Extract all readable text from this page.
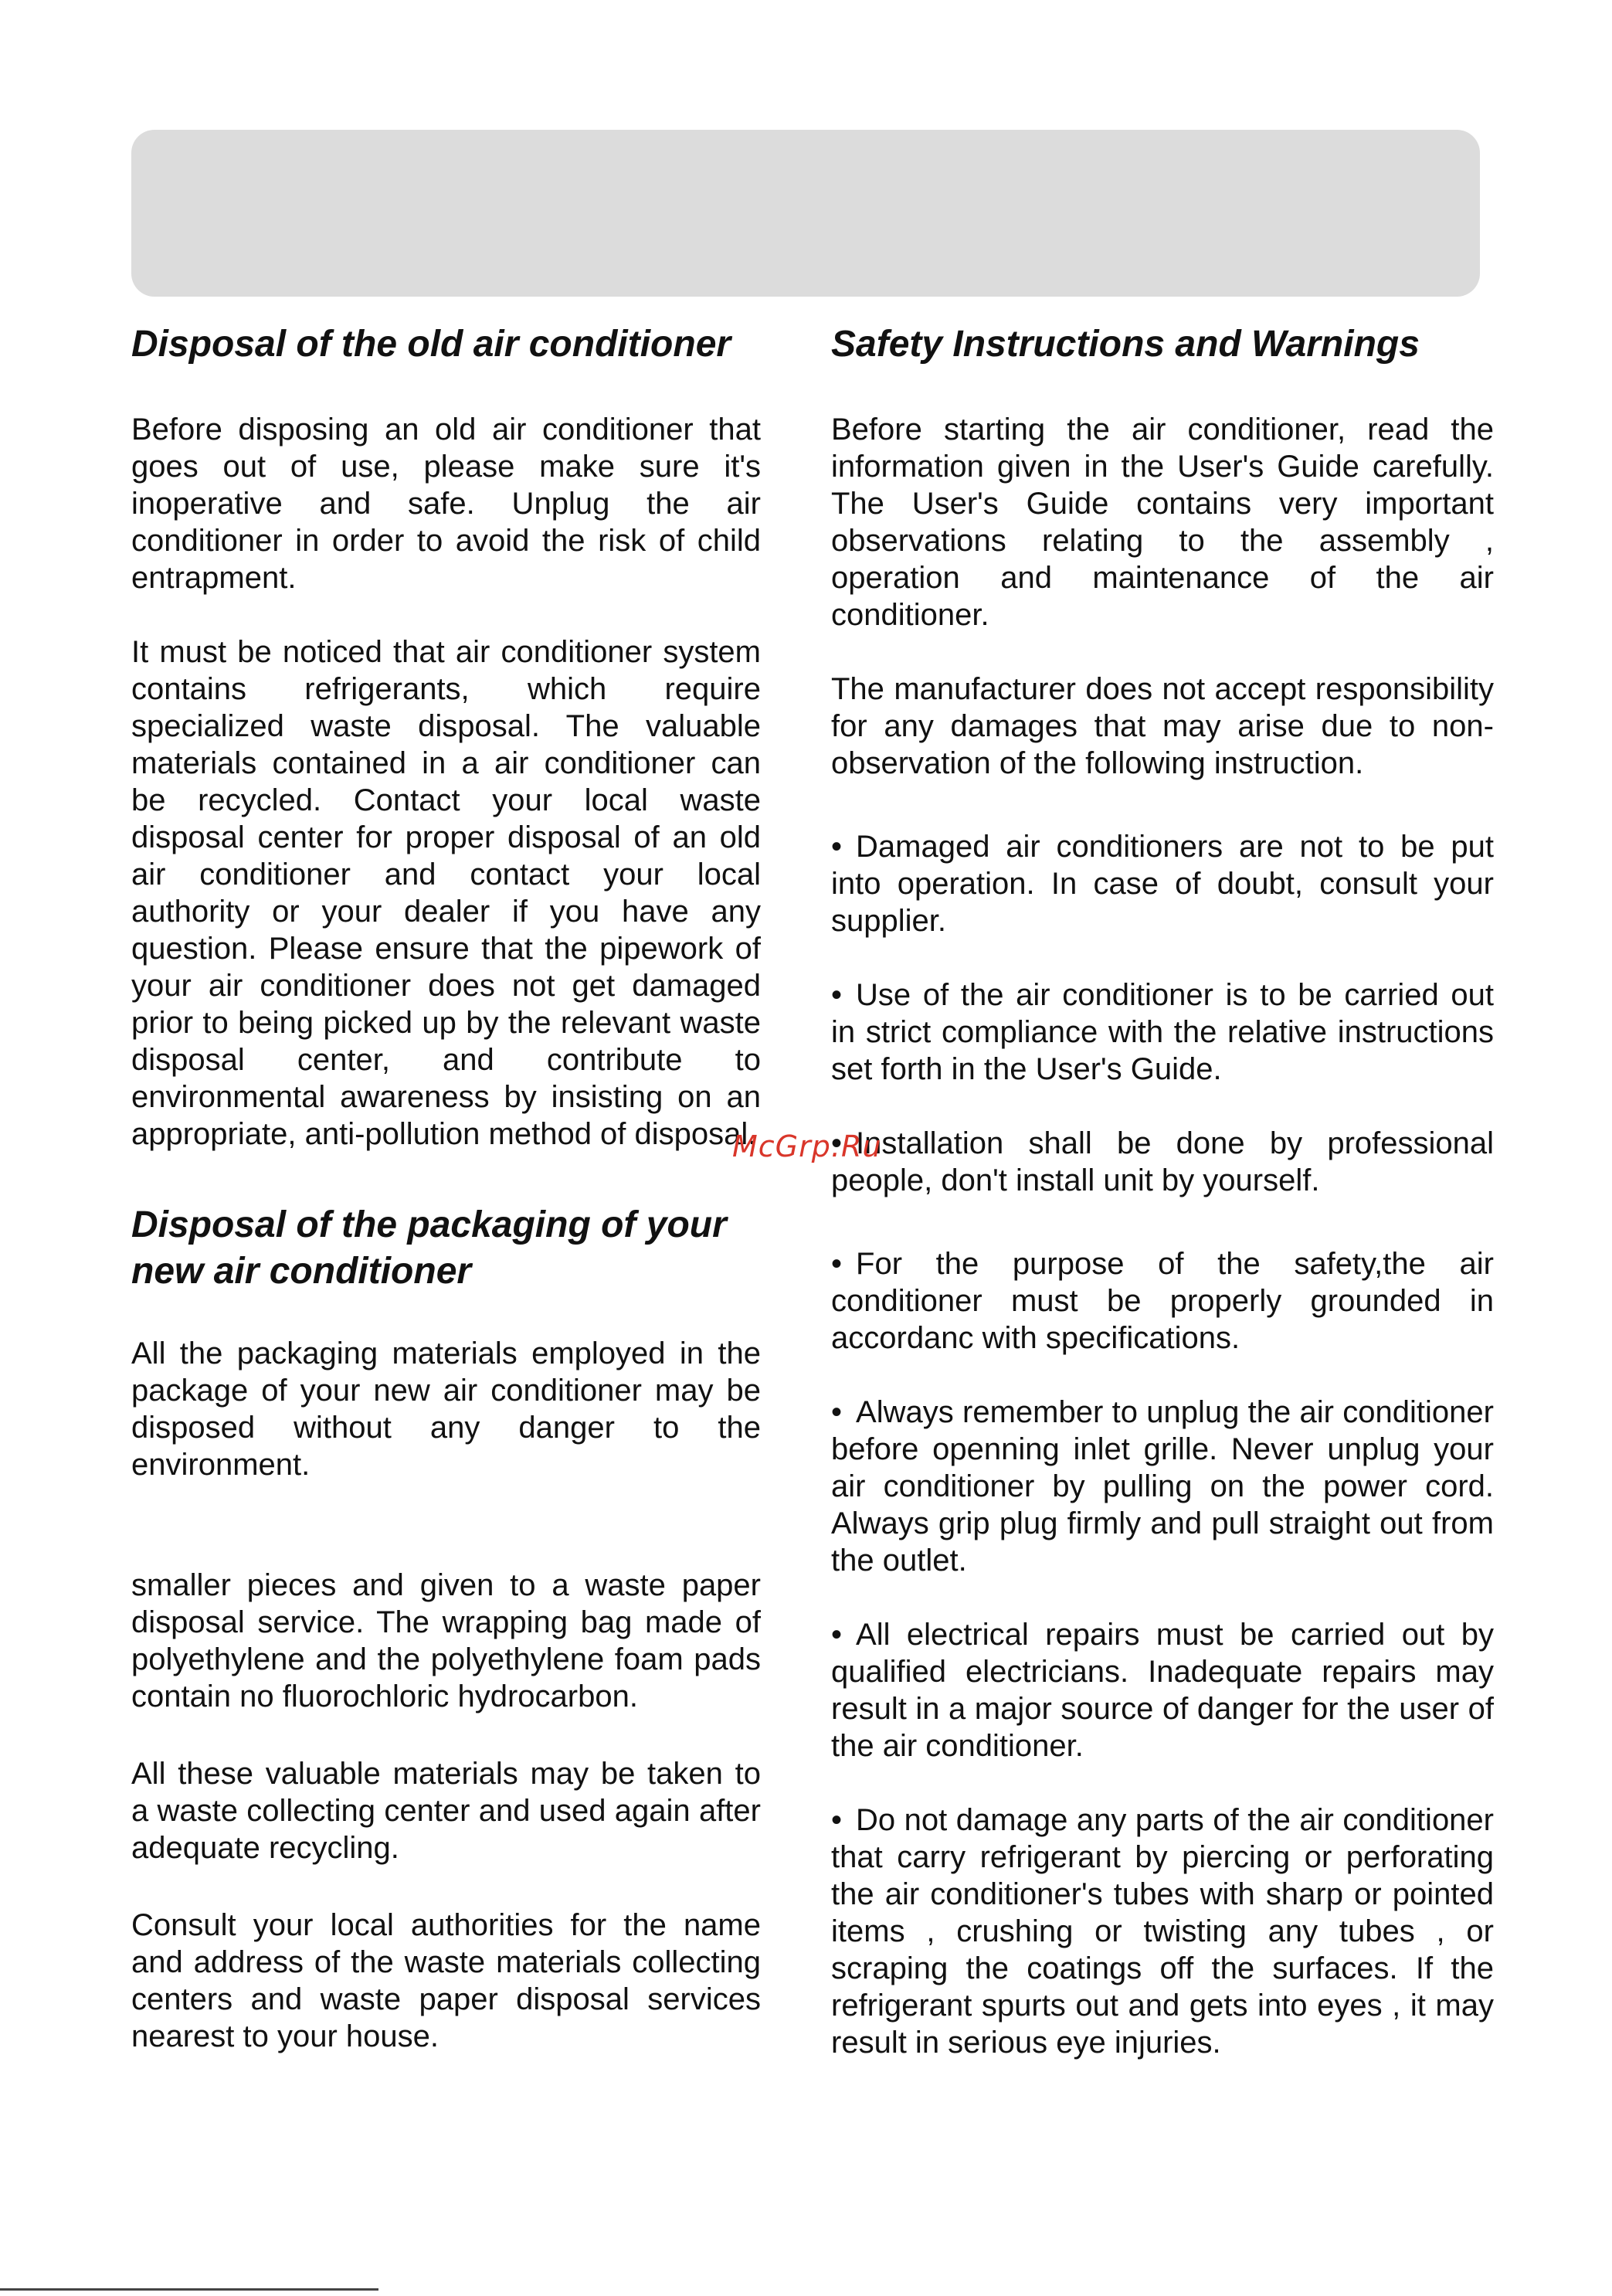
Disposal of the old air conditioner

Before disposing an old air conditioner that goes out of use, please make sure it's inoperative and safe. Unplug the air conditioner in order to avoid the risk of child entrapment.

It must be noticed that air conditioner system contains refrigerants, which require specialized waste disposal. The valuable materials contained in a air conditioner can be recycled. Contact your local waste disposal center for proper disposal of an old air conditioner and contact your local authority or your dealer if you have any question. Please ensure that the pipework of your air conditioner does not get damaged prior to being picked up by the relevant waste disposal center, and contribute to environmental awareness by insisting on an appropriate, anti-pollution method of disposal.

Disposal of the packaging of your new air conditioner

All the packaging materials employed in the package of your new air conditioner may be disposed without any danger to the environment.

smaller pieces and given to a waste paper disposal service. The wrapping bag made of polyethylene and the polyethylene foam pads contain no fluorochloric hydrocarbon.

All these valuable materials may be taken to a waste collecting center and used again after adequate recycling.

Consult your local authorities for the name and address of the waste materials collecting centers and waste paper disposal services nearest to your house.

Safety Instructions and Warnings

Before starting the air conditioner, read the information given in the User's Guide carefully. The User's Guide contains very important observations relating to the assembly , operation and maintenance of the air conditioner.

The manufacturer does not accept responsibility for any damages that may arise due to non-observation of the following instruction.

• Damaged air conditioners are not to be put into operation. In case of doubt, consult your supplier.

• Use of the air conditioner is to be carried out in strict compliance with the relative instructions set forth in the User's Guide.

• Installation shall be done by professional people, don't install unit by yourself.

• For the purpose of the safety,the air conditioner must be properly grounded in accordanc with specifications.

• Always remember to unplug the air conditioner before openning inlet grille. Never unplug your air conditioner by pulling on the power cord. Always grip plug firmly and pull straight out from the outlet.

• All electrical repairs must be carried out by qualified electricians. Inadequate repairs may result in a major source of danger for the user of the air conditioner.

• Do not damage any parts of the air conditioner that carry refrigerant by piercing or perforating the air conditioner's tubes with sharp or pointed items , crushing or twisting any tubes , or scraping the coatings off the surfaces. If the refrigerant spurts out and gets into eyes , it may result in serious eye injuries.

McGrp.Ru
